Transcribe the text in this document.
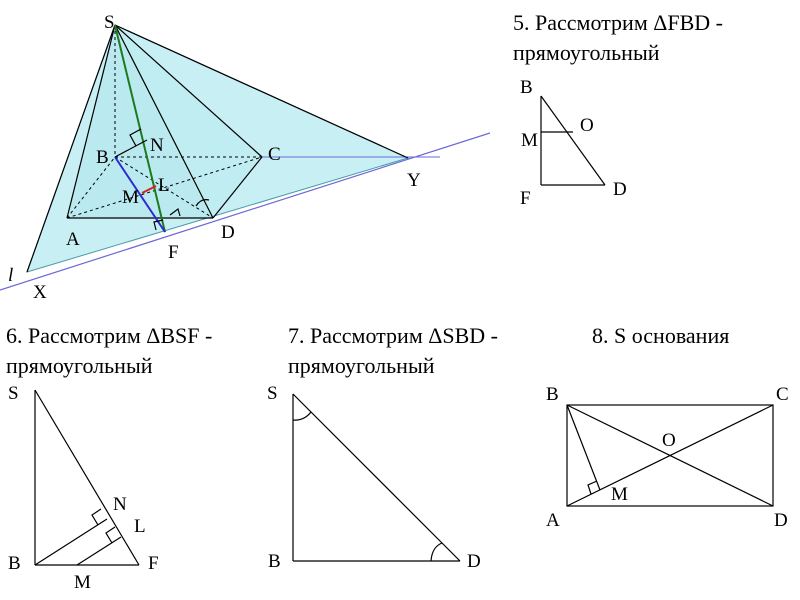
S
B
N	C
L
M
A	D
F
Y
X
l
5. Рассмотрим ΔFBD -
прямоугольный
B
M
O
F	D
6. Рассмотрим ΔBSF -
прямоугольный
S
N
L
B	F
M
7. Рассмотрим ΔSBD -
прямоугольный
S
B	D
8. S основания
B	C
O
M
A	D
